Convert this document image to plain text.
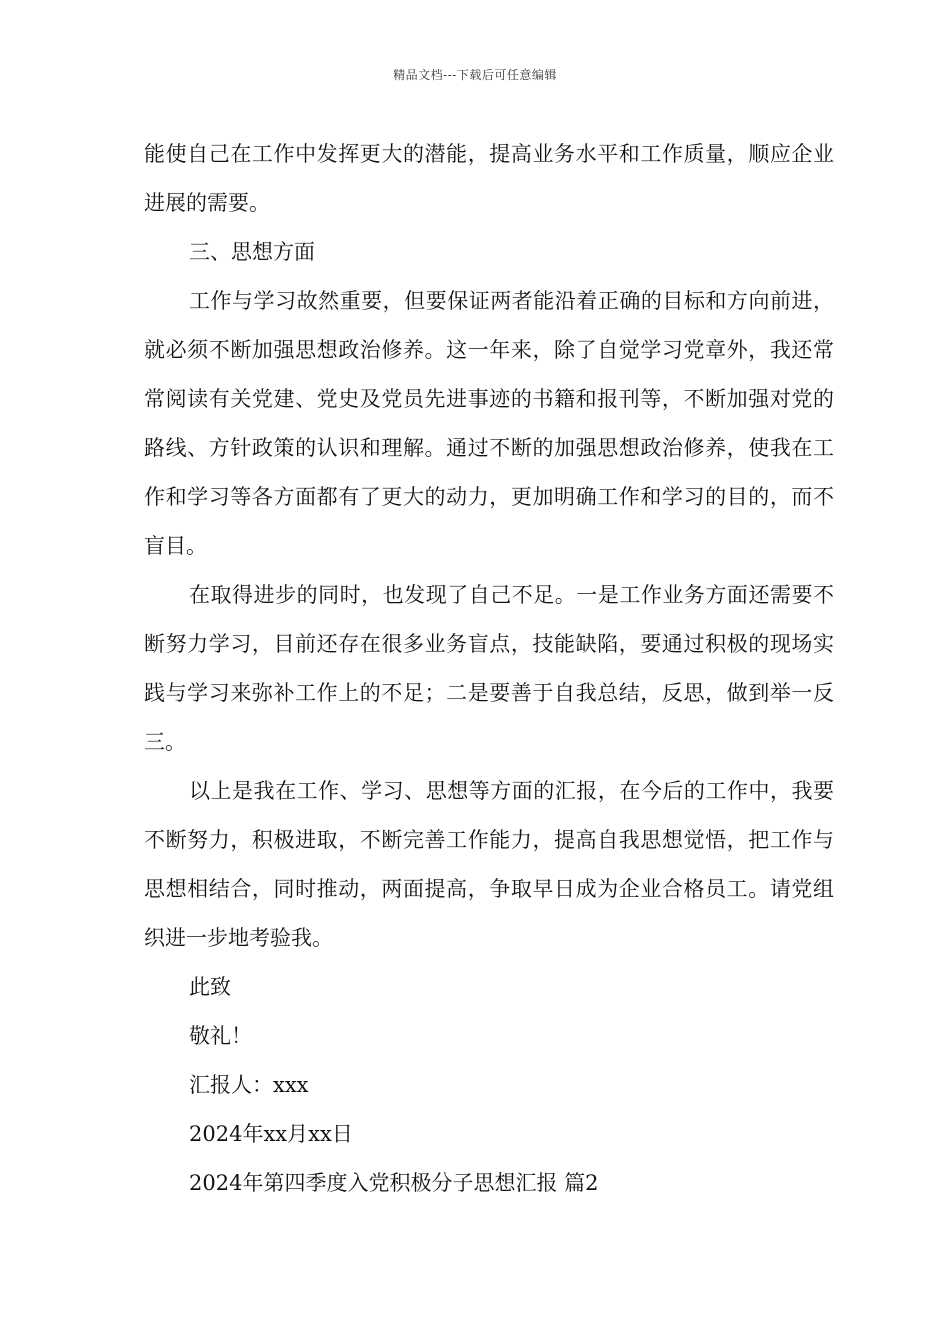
精品文档---下载后可任意编辑

能使自己在工作中发挥更大的潜能，提高业务水平和工作质量，顺应企业进展的需要。

三、思想方面

工作与学习故然重要，但要保证两者能沿着正确的目标和方向前进，就必须不断加强思想政治修养。这一年来，除了自觉学习党章外，我还常常阅读有关党建、党史及党员先进事迹的书籍和报刊等，不断加强对党的路线、方针政策的认识和理解。通过不断的加强思想政治修养，使我在工作和学习等各方面都有了更大的动力，更加明确工作和学习的目的，而不盲目。

在取得进步的同时，也发现了自己不足。一是工作业务方面还需要不断努力学习，目前还存在很多业务盲点，技能缺陷，要通过积极的现场实践与学习来弥补工作上的不足；二是要善于自我总结，反思，做到举一反三。

以上是我在工作、学习、思想等方面的汇报，在今后的工作中，我要不断努力，积极进取，不断完善工作能力，提高自我思想觉悟，把工作与思想相结合，同时推动，两面提高，争取早日成为企业合格员工。请党组织进一步地考验我。

此致

敬礼！

汇报人：xxx

2024年xx月xx日

2024年第四季度入党积极分子思想汇报 篇2
